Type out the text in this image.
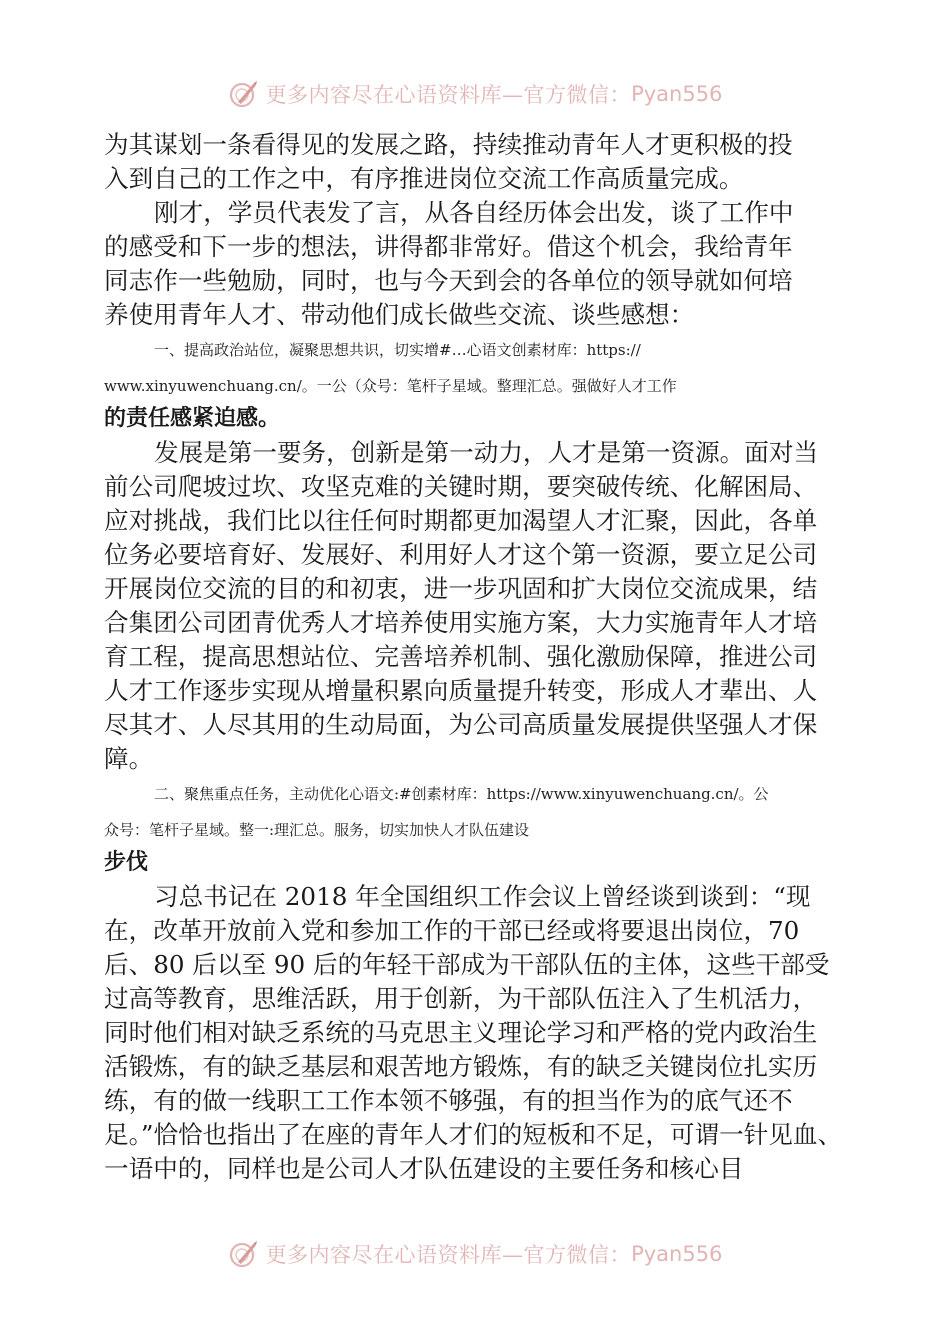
更多内容尽在心语资料库—官方微信： Pyan556
为其谋划一条看得见的发展之路，持续推动青年人才更积极的投
入到自己的工作之中，有序推进岗位交流工作高质量完成。
刚才，学员代表发了言，从各自经历体会出发，谈了工作中
的感受和下一步的想法，讲得都非常好。借这个机会，我给青年
同志作一些勉励，同时，也与今天到会的各单位的领导就如何培
养使用青年人才、带动他们成长做些交流、谈些感想：
一、提高政治站位，凝聚思想共识，切实增#…心语文创素材库：https://
www.xinyuwenchuang.cn/。一公（众号：笔杆子星域。整理汇总。强做好人才工作
的责任感紧迫感。
发展是第一要务，创新是第一动力，人才是第一资源。面对当
前公司爬坡过坎、攻坚克难的关键时期，要突破传统、化解困局、
应对挑战，我们比以往任何时期都更加渴望人才汇聚，因此，各单
位务必要培育好、发展好、利用好人才这个第一资源，要立足公司
开展岗位交流的目的和初衷，进一步巩固和扩大岗位交流成果，结
合集团公司团青优秀人才培养使用实施方案，大力实施青年人才培
育工程，提高思想站位、完善培养机制、强化激励保障，推进公司
人才工作逐步实现从增量积累向质量提升转变，形成人才辈出、人
尽其才、人尽其用的生动局面，为公司高质量发展提供坚强人才保
障。
二、聚焦重点任务，主动优化心语文:#创素材库：https://www.xinyuwenchuang.cn/。公
众号：笔杆子星域。整一:理汇总。服务，切实加快人才队伍建设
步伐
习总书记在 2018 年全国组织工作会议上曾经谈到谈到：“现
在，改革开放前入党和参加工作的干部已经或将要退出岗位，70
后、80 后以至 90 后的年轻干部成为干部队伍的主体，这些干部受
过高等教育，思维活跃，用于创新，为干部队伍注入了生机活力，
同时他们相对缺乏系统的马克思主义理论学习和严格的党内政治生
活锻炼，有的缺乏基层和艰苦地方锻炼，有的缺乏关键岗位扎实历
练，有的做一线职工工作本领不够强，有的担当作为的底气还不
足。”恰恰也指出了在座的青年人才们的短板和不足，可谓一针见血、
一语中的，同样也是公司人才队伍建设的主要任务和核心目
更多内容尽在心语资料库—官方微信： Pyan556
